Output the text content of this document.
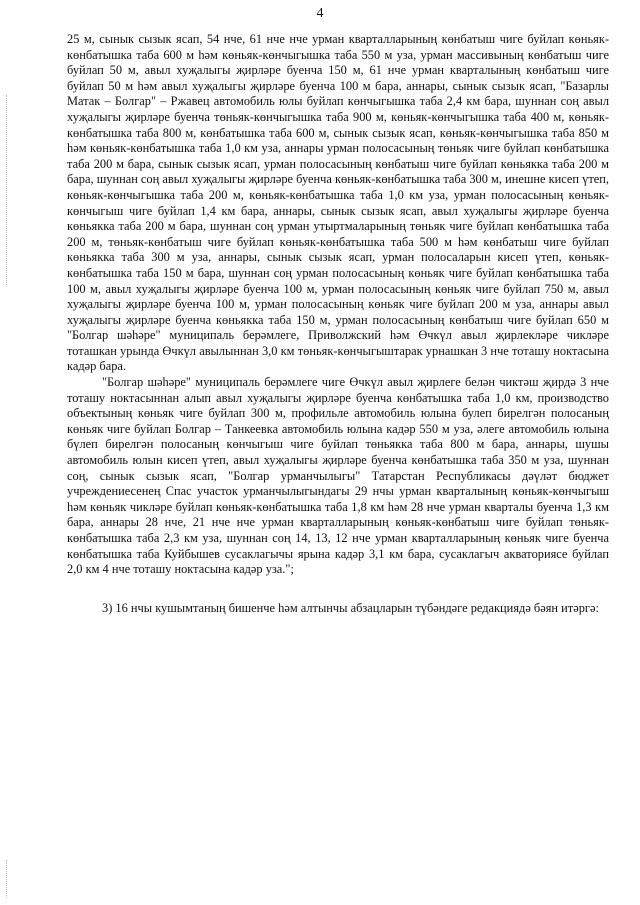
4

25 м, сынык сызык ясап, 54 нче, 61 нче нче урман кварталларының көнбатыш чиге буйлап көньяк-көнбатышка таба 600 м һәм көньяк-көнчыгышка таба 550 м уза, урман массивының көнбатыш чиге буйлап 50 м, авыл хуҗалыгы җирләре буенча 150 м, 61 нче урман кварталының көнбатыш чиге буйлап 50 м һәм авыл хуҗалыгы җирләре буенча 100 м бара, аннары, сынык сызык ясап, "Базарлы Матак – Болгар" – Ржавец автомобиль юлы буйлап көнчыгышка таба 2,4 км бара, шуннан соң авыл хуҗалыгы җирләре буенча төньяк-көнчыгышка таба 900 м, көньяк-көнчыгышка таба 400 м, көньяк-көнбатышка таба 800 м, көнбатышка таба 600 м, сынык сызык ясап, көньяк-көнчыгышка таба 850 м һәм көньяк-көнбатышка таба 1,0 км уза, аннары урман полосасының төньяк чиге буйлап көнбатышка таба 200 м бара, сынык сызык ясап, урман полосасының көнбатыш чиге буйлап көньякка таба 200 м бара, шуннан соң авыл хуҗалыгы җирләре буенча көньяк-көнбатышка таба 300 м, инешне кисеп үтеп, көньяк-көнчыгышка таба 200 м, көньяк-көнбатышка таба 1,0 км уза, урман полосасының көньяк-көнчыгыш чиге буйлап 1,4 км бара, аннары, сынык сызык ясап, авыл хуҗалыгы җирләре буенча көньякка таба 200 м бара, шуннан соң урман утыртмаларының төньяк чиге буйлап көнбатышка таба 200 м, төньяк-көнбатыш чиге буйлап көньяк-көнбатышка таба 500 м һәм көнбатыш чиге буйлап көньякка таба 300 м уза, аннары, сынык сызык ясап, урман полосаларын кисеп үтеп, көньяк-көнбатышка таба 150 м бара, шуннан соң урман полосасының көньяк чиге буйлап көнбатышка таба 100 м, авыл хуҗалыгы җирләре буенча 100 м, урман полосасының көньяк чиге буйлап 750 м, авыл хуҗалыгы җирләре буенча 100 м, урман полосасының көньяк чиге буйлап 200 м уза, аннары авыл хуҗалыгы җирләре буенча көньякка таба 150 м, урман полосасының көнбатыш чиге буйлап 650 м "Болгар шәһәре" муниципаль берәмлеге, Приволжский һәм Өчкүл авыл җирлекләре чикләре тоташкан урында Өчкүл авылыннан 3,0 км төньяк-көнчыгыштарак урнашкан 3 нче тоташу ноктасына кадәр бара.

"Болгар шәһәре" муниципаль берәмлеге чиге Өчкүл авыл җирлеге белән чиктәш җирдә 3 нче тоташу ноктасыннан алып авыл хуҗалыгы җирләре буенча көнбатышка таба 1,0 км, производство объектының көньяк чиге буйлап 300 м, профильле автомобиль юлына булеп бирелгән полосаның көньяк чиге буйлап Болгар – Танкеевка автомобиль юлына кадәр 550 м уза, әлеге автомобиль юлына бүлеп бирелгән полосаның көнчыгыш чиге буйлап төньякка таба 800 м бара, аннары, шушы автомобиль юлын кисеп үтеп, авыл хуҗалыгы җирләре буенча көнбатышка таба 350 м уза, шуннан соң, сынык сызык ясап, "Болгар урманчылыгы" Татарстан Республикасы дәүләт бюджет учреждениесенең Спас участок урманчылыгындагы 29 нчы урман кварталының көньяк-көнчыгыш һәм көньяк чикләре буйлап көньяк-көнбатышка таба 1,8 км һәм 28 нче урман кварталы буенча 1,3 км бара, аннары 28 нче, 21 нче нче урман кварталларының көньяк-көнбатыш чиге буйлап төньяк-көнбатышка таба 2,3 км уза, шуннан соң 14, 13, 12 нче урман кварталларының көньяк чиге буенча көнбатышка таба Куйбышев сусаклагычы ярына кадәр 3,1 км бара, сусаклагыч акваториясе буйлап 2,0 км 4 нче тоташу ноктасына кадәр уза.";

3) 16 нчы кушымтаның бишенче һәм алтынчы абзацларын түбәндәге редакциядә бәян итәргә:
